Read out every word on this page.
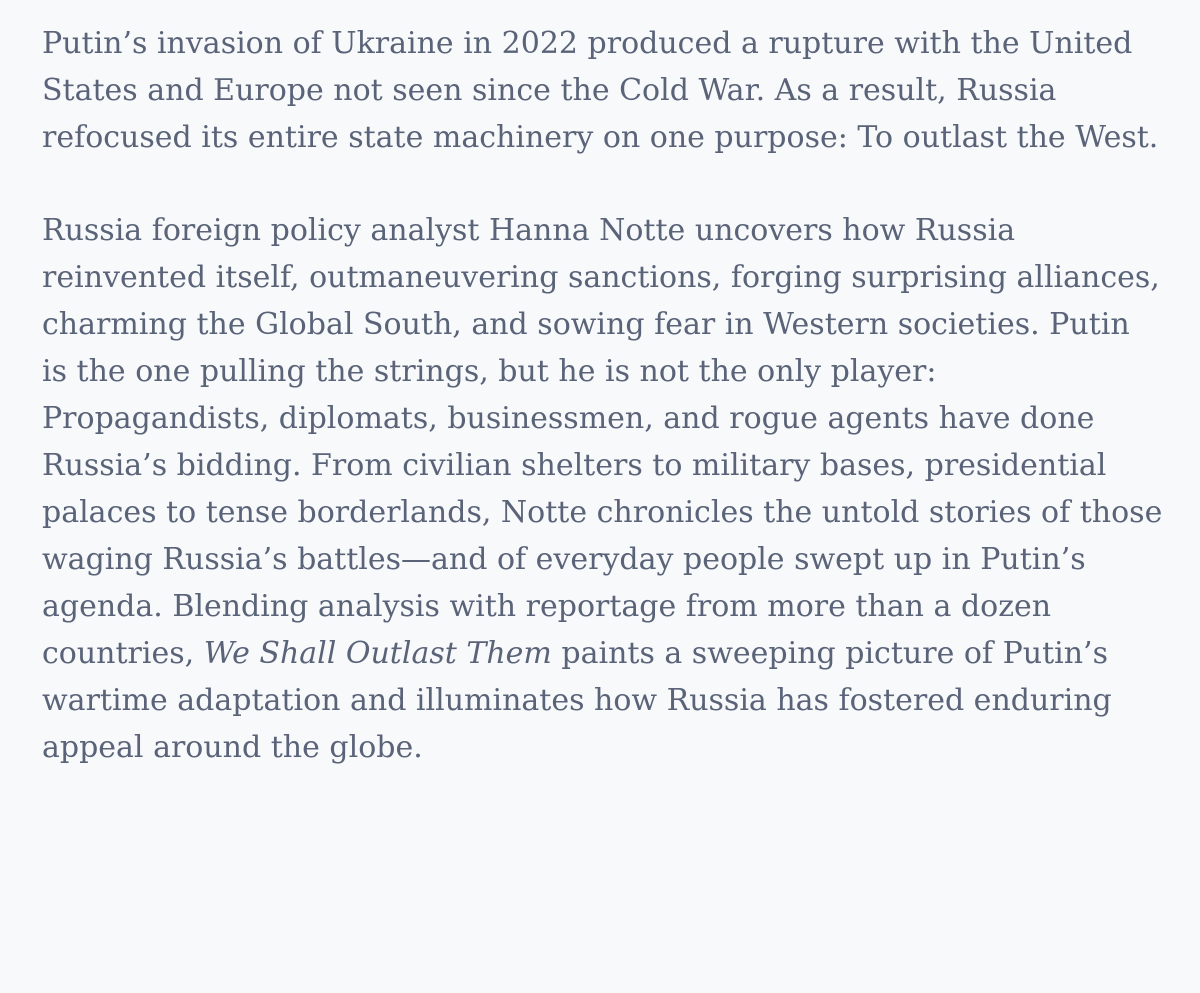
Putin’s invasion of Ukraine in 2022 produced a rupture with the United
States and Europe not seen since the Cold War. As a result, Russia
refocused its entire state machinery on one purpose: To outlast the West.
Russia foreign policy analyst Hanna Notte uncovers how Russia
reinvented itself, outmaneuvering sanctions, forging surprising alliances,
charming the Global South, and sowing fear in Western societies. Putin
is the one pulling the strings, but he is not the only player:
Propagandists, diplomats, businessmen, and rogue agents have done
Russia’s bidding. From civilian shelters to military bases, presidential
palaces to tense borderlands, Notte chronicles the untold stories of those
waging Russia’s battles—and of everyday people swept up in Putin’s
agenda. Blending analysis with reportage from more than a dozen
countries, We Shall Outlast Them paints a sweeping picture of Putin’s
wartime adaptation and illuminates how Russia has fostered enduring
appeal around the globe.
